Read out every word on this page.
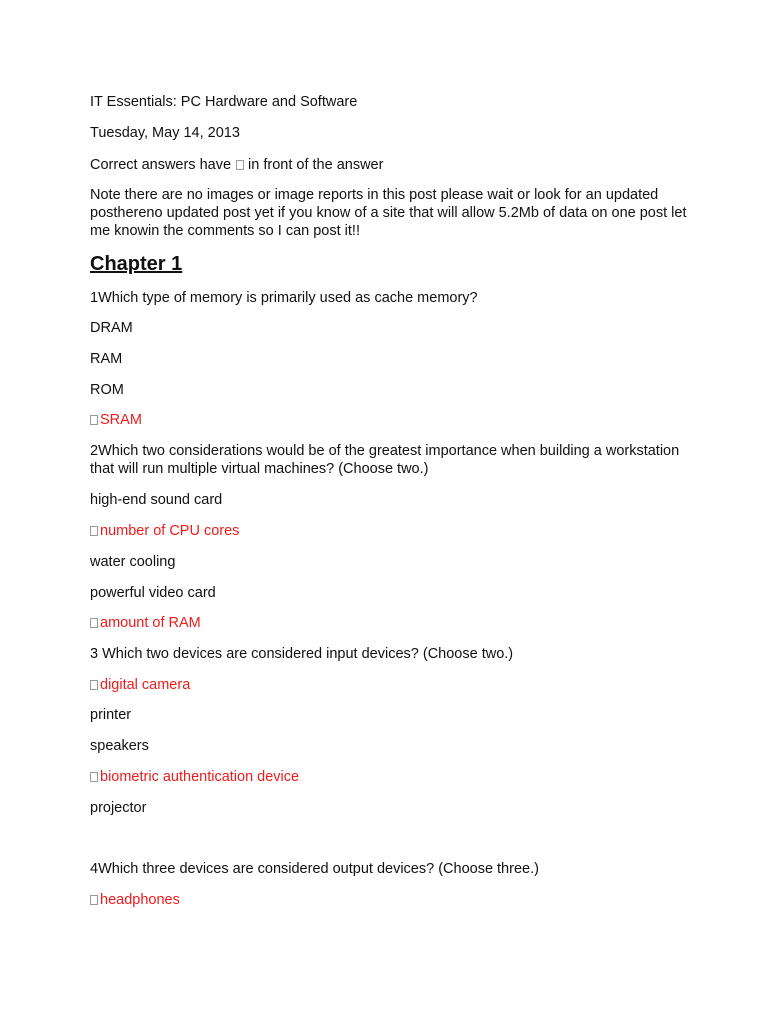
IT Essentials: PC Hardware and Software
Tuesday, May 14, 2013
Correct answers have in front of the answer
Note there are no images or image reports in this post please wait or look for an updated posthereno updated post yet if you know of a site that will allow 5.2Mb of data on one post let me knowin the comments so I can post it!!
Chapter 1
1Which type of memory is primarily used as cache memory?
DRAM
RAM
ROM
SRAM
2Which two considerations would be of the greatest importance when building a workstation that will run multiple virtual machines? (Choose two.)
high-end sound card
number of CPU cores
water cooling
powerful video card
amount of RAM
3 Which two devices are considered input devices? (Choose two.)
digital camera
printer
speakers
biometric authentication device
projector
4Which three devices are considered output devices? (Choose three.)
headphones
